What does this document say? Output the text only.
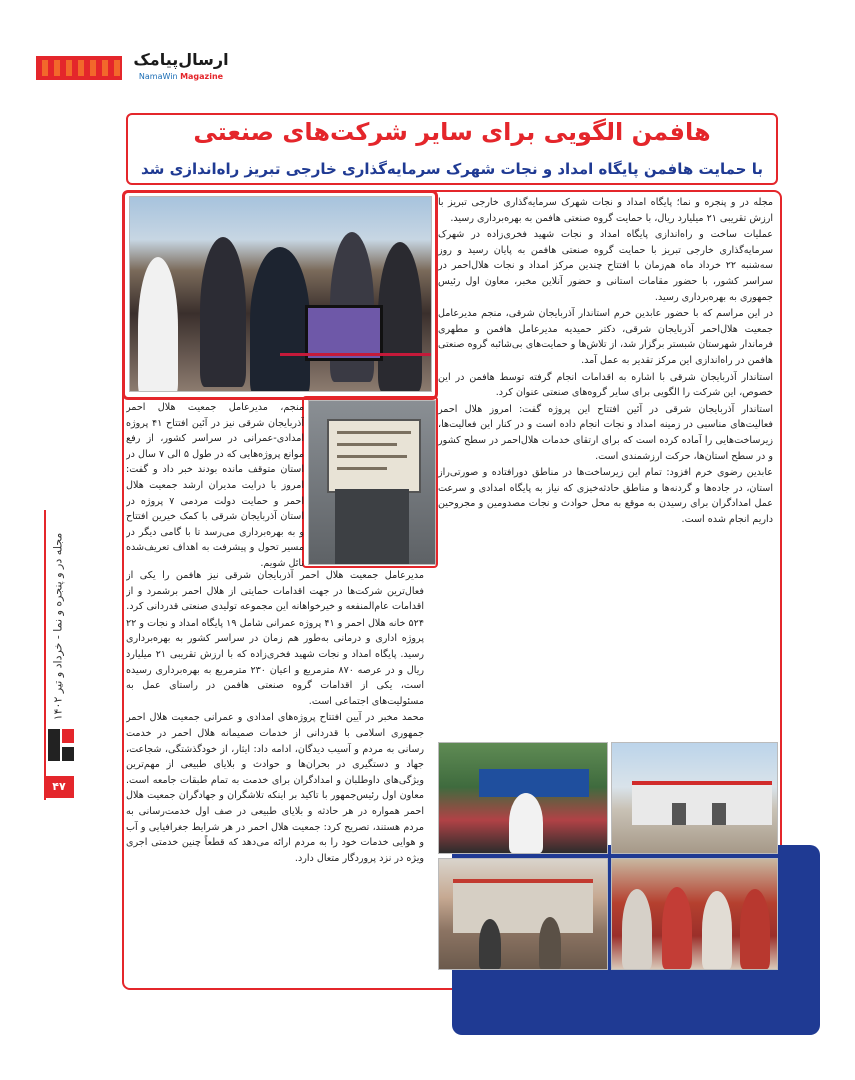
ارسال‌پیامک
NamaWin Magazine
هافمن الگویی برای سایر شرکت‌های صنعتی
با حمایت هافمن پایگاه امداد و نجات شهرک سرمایه‌گذاری خارجی تبریز راه‌اندازی شد

مجله در و پنجره و نما؛ پایگاه امداد و نجات شهرک سرمایه‌گذاری خارجی تبریز با ارزش تقریبی ۲۱ میلیارد ریال، با حمایت گروه صنعتی هافمن به بهره‌برداری رسید.

عملیات ساخت و راه‌اندازی پایگاه امداد و نجات شهید فخری‌زاده در شهرک سرمایه‌گذاری خارجی تبریز با حمایت گروه صنعتی هافمن به پایان رسید و روز سه‌شنبه ۲۲ خرداد ماه هم‌زمان با افتتاح چندین مرکز امداد و نجات هلال‌احمر در سراسر کشور، با حضور مقامات استانی و حضور آنلاین مخبر، معاون اول رئیس جمهوری به بهره‌برداری رسید.

در این مراسم که با حضور عابدین خرم استاندار آذربایجان شرقی، منجم مدیرعامل جمعیت هلال‌احمر آذربایجان شرقی، دکتر حمیدیه مدیرعامل هافمن و مطهری فرماندار شهرستان شبستر برگزار شد، از تلاش‌ها و حمایت‌های بی‌شائبه گروه صنعتی هافمن در راه‌اندازی این مرکز تقدیر به عمل آمد.

استاندار آذربایجان شرقی با اشاره به اقدامات انجام گرفته توسط هافمن در این خصوص، این شرکت را الگویی برای سایر گروه‌های صنعتی عنوان کرد.

استاندار آذربایجان شرقی در آئین افتتاح این پروژه گفت: امروز هلال احمر فعالیت‌های مناسبی در زمینه امداد و نجات انجام داده است و در کنار این فعالیت‌ها، زیرساخت‌هایی را آماده کرده است که برای ارتقای خدمات هلال‌احمر در سطح کشور و در سطح استان‌ها، حرکت ارزشمندی است.

عابدین رضوی خرم افزود: تمام این زیرساخت‌ها در مناطق دورافتاده و صورتی‌راز استان، در جاده‌ها و گردنه‌ها و مناطق حادثه‌خیزی که نیاز به پایگاه امدادی و سرعت عمل امدادگران برای رسیدن به موقع به محل حوادث و نجات مصدومین و مجروحین داریم انجام شده است.

منجم، مدیرعامل جمعیت هلال احمر آذربایجان شرقی نیز در آئین افتتاح ۴۱ پروژه امدادی-عمرانی در سراسر کشور، از رفع موانع پروژه‌هایی که در طول ۵ الی ۷ سال در استان متوقف مانده بودند خبر داد و گفت: امروز با درایت مدیران ارشد جمعیت هلال احمر و حمایت دولت مردمی ۷ پروژه در استان آذربایجان شرقی با کمک خیرین افتتاح و به بهره‌برداری می‌رسد تا با گامی دیگر در مسیر تحول و پیشرفت به اهداف تعریف‌شده نائل شویم.

مدیرعامل جمعیت هلال احمر آذربایجان شرقی نیز هافمن را یکی از فعال‌ترین شرکت‌ها در جهت اقدامات حمایتی از هلال احمر برشمرد و از اقدامات عام‌المنفعه و خیرخواهانه این مجموعه تولیدی صنعتی قدردانی کرد.

۵۲۴ خانه هلال احمر و ۴۱ پروژه عمرانی شامل ۱۹ پایگاه امداد و نجات و ۲۲ پروژه اداری و درمانی به‌طور هم زمان در سراسر کشور به بهره‌برداری رسید. پایگاه امداد و نجات شهید فخری‌زاده که با ارزش تقریبی ۲۱ میلیارد ریال و در عرصه ۸۷۰ مترمربع و اعیان ۲۳۰ مترمربع به بهره‌برداری رسیده است، یکی از اقدامات گروه صنعتی هافمن در راستای عمل به مسئولیت‌های اجتماعی است.

محمد مخبر در آیین افتتاح پروژه‌های امدادی و عمرانی جمعیت هلال احمر جمهوری اسلامی با قدردانی از خدمات صمیمانه هلال احمر در خدمت رسانی به مردم و آسیب دیدگان، ادامه داد: ایثار، از خودگذشتگی، شجاعت، جهاد و دستگیری در بحران‌ها و حوادث و بلایای طبیعی از مهم‌ترین ویژگی‌های داوطلبان و امدادگران برای خدمت به تمام طبقات جامعه است. معاون اول رئیس‌جمهور با تاکید بر اینکه تلاشگران و جهادگران جمعیت هلال احمر همواره در هر حادثه و بلایای طبیعی در صف اول خدمت‌رسانی به مردم هستند، تصریح کرد: جمعیت هلال احمر در هر شرایط جغرافیایی و آب و هوایی خدمات خود را به مردم ارائه می‌دهد که قطعاً چنین خدمتی اجری ویژه در نزد پروردگار متعال دارد.

مجله در و پنجره و نما - خرداد و تیر ۱۴۰۲
۴۷
